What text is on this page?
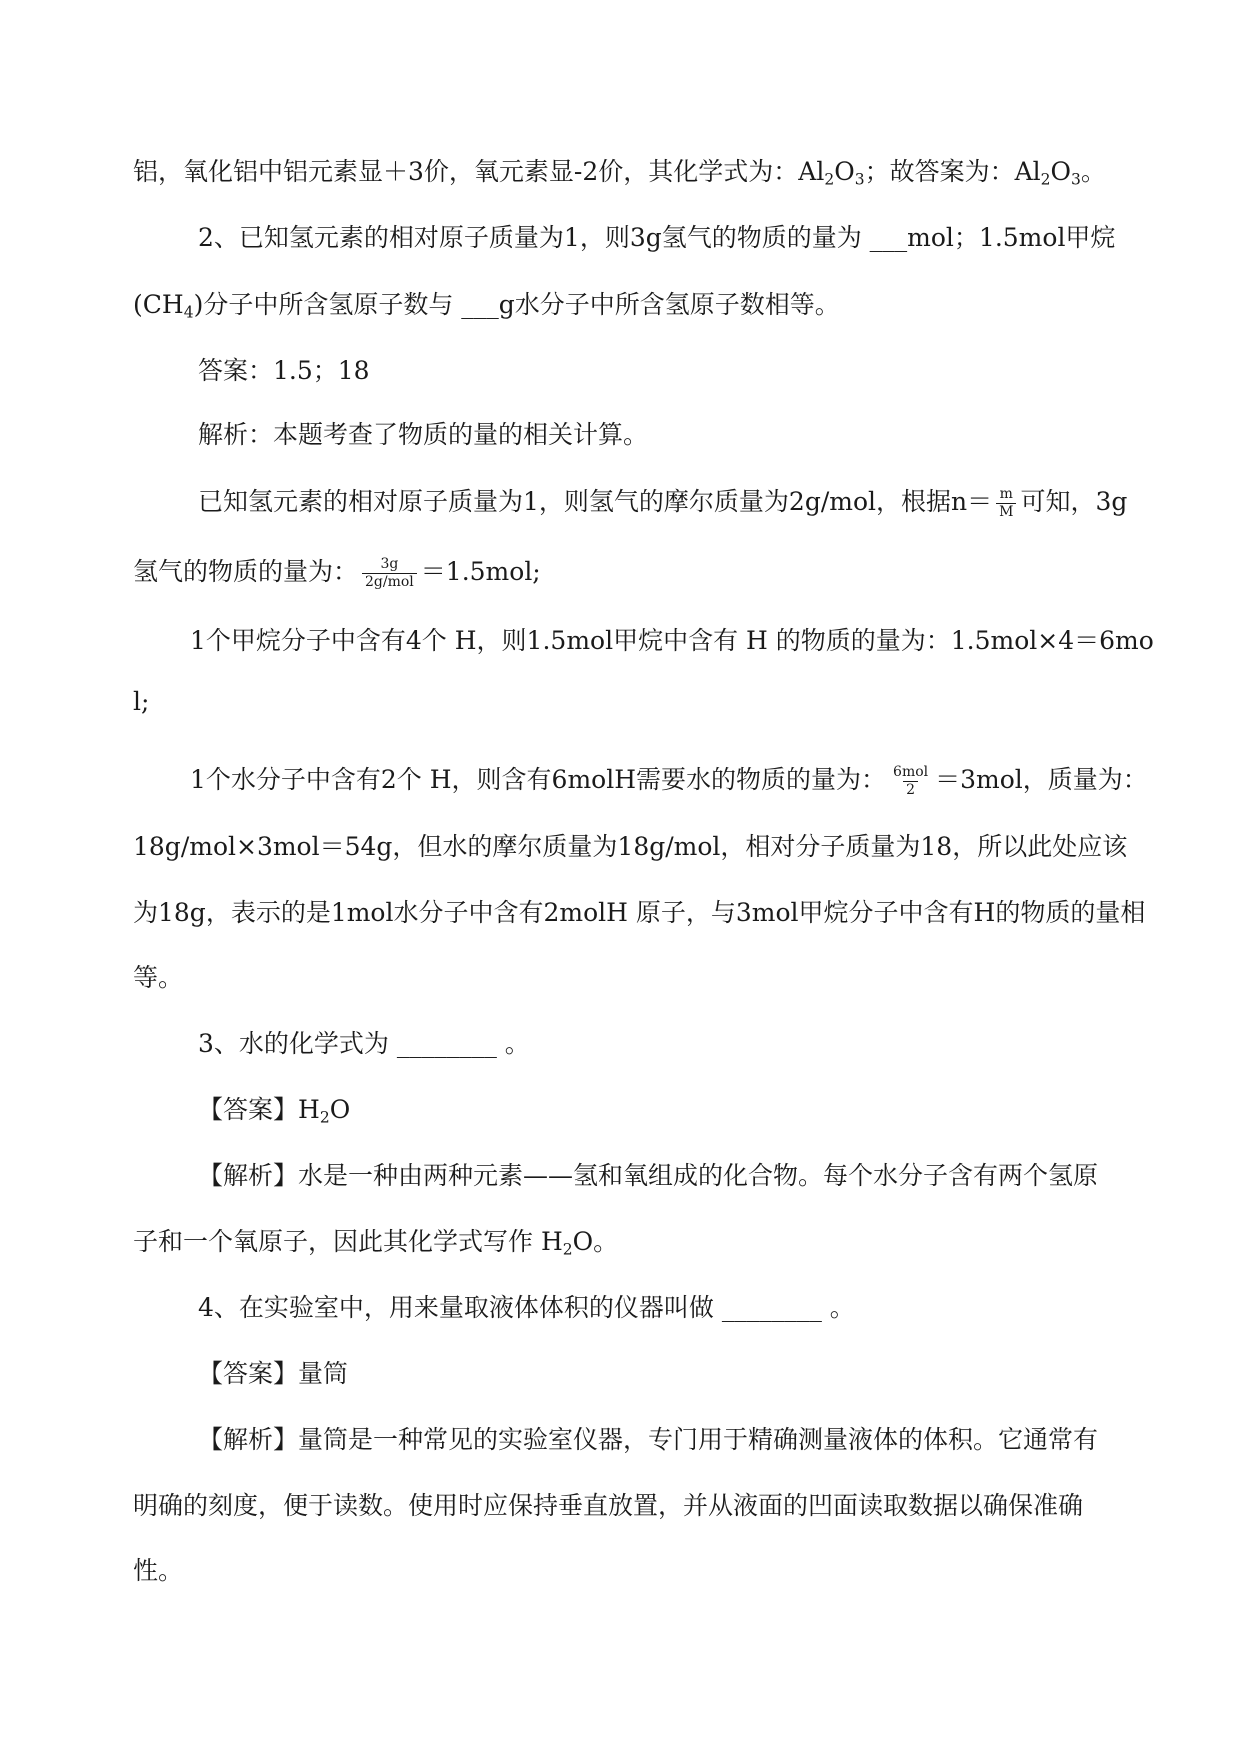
铝，氧化铝中铝元素显＋3价，氧元素显-2价，其化学式为：$Al_2O_3$；故答案为：$Al_2O_3$。
2、已知氢元素的相对原子质量为1，则3g氢气的物质的量为 ___mol；1.5mol甲烷
$(CH_4)$分子中所含氢原子数与 ___g水分子中所含氢原子数相等。
答案：1.5；18
解析：本题考查了物质的量的相关计算。
已知氢元素的相对原子质量为1，则氢气的摩尔质量为2g/mol，根据$n= \frac{m}{M}$ 可知，3g
氢气的物质的量为： $\frac{3g}{\text{2g/mol}} =1.5mol$;
1个甲烷分子中含有4个 H，则1.5mol甲烷中含有 H 的物质的量为：1.5mol×4＝6mo
l;
1个水分子中含有2个 H，则含有6molH需要水的物质的量为： $\frac{\text{6mol}}{2} =3mol$，质量为：
18g/mol×3mol＝54g，但水的摩尔质量为18g/mol，相对分子质量为18，所以此处应该
为18g，表示的是1mol水分子中含有2molH 原子，与3mol甲烷分子中含有H的物质的量相
等。
3、水的化学式为 ________ 。
【答案】$H_2O$
【解析】水是一种由两种元素——氢和氧组成的化合物。每个水分子含有两个氢原
子和一个氧原子，因此其化学式写作 $H_2O$。
4、在实验室中，用来量取液体体积的仪器叫做 ________ 。
【答案】量筒
【解析】量筒是一种常见的实验室仪器，专门用于精确测量液体的体积。它通常有
明确的刻度，便于读数。使用时应保持垂直放置，并从液面的凹面读取数据以确保准确
性。
